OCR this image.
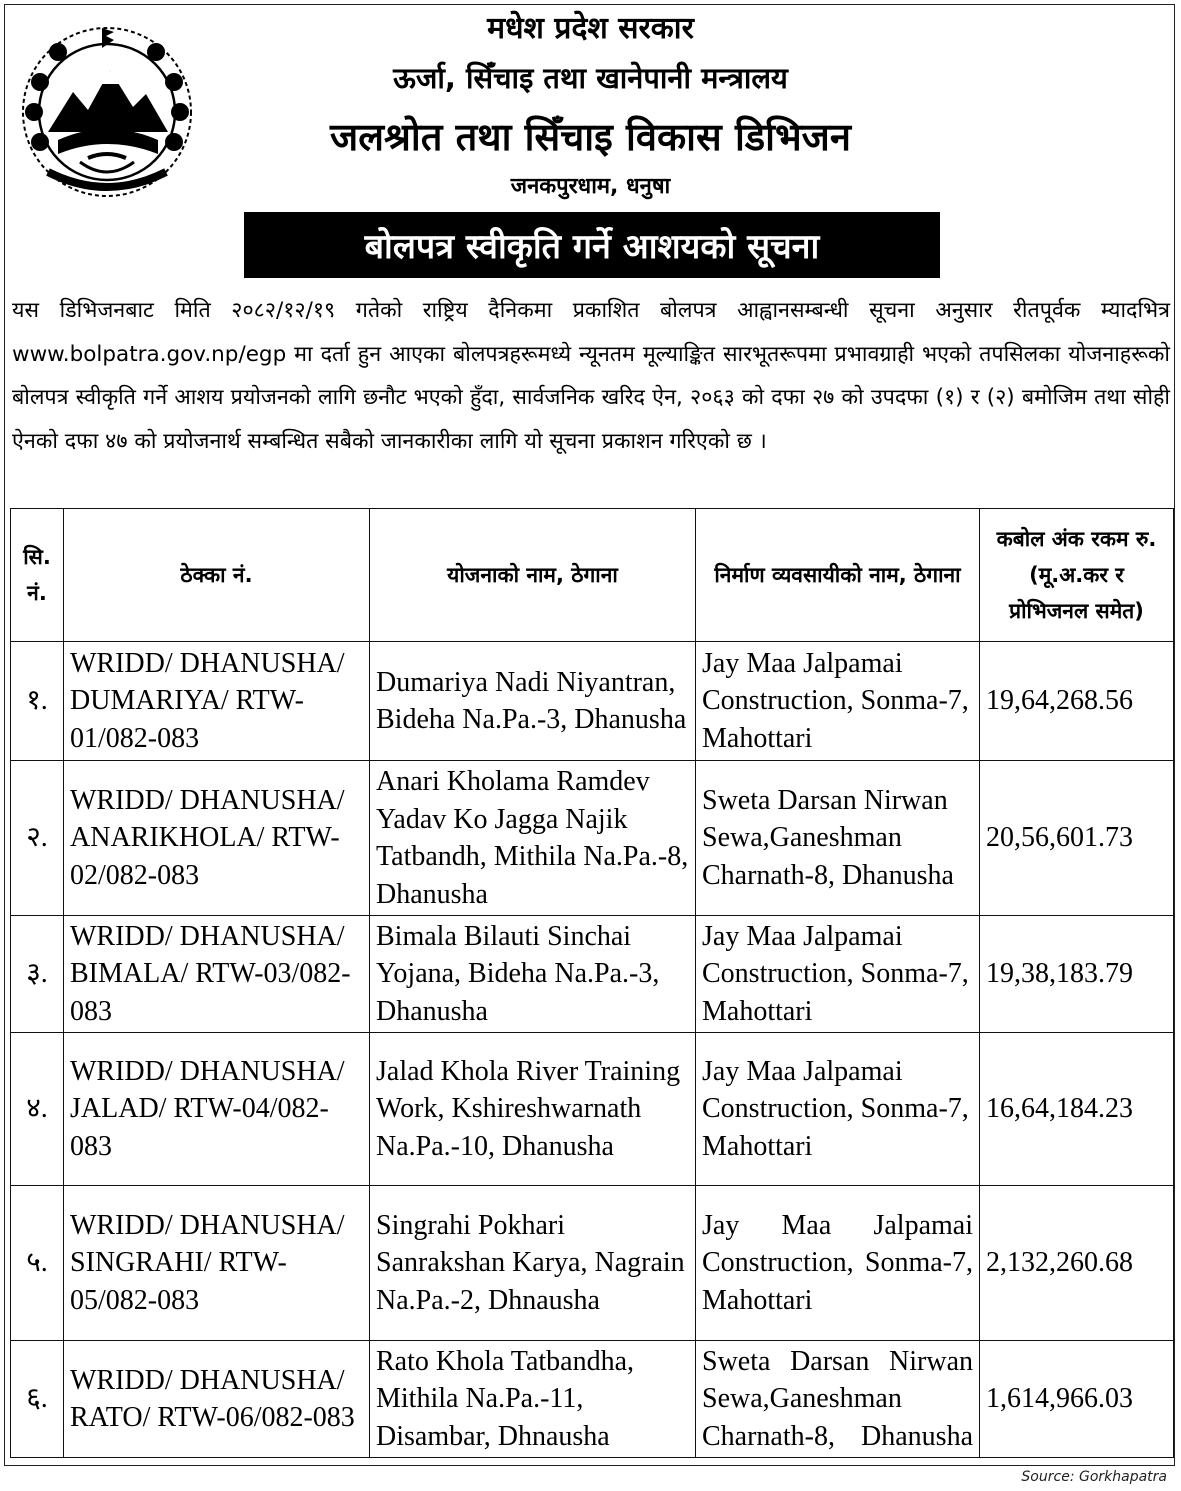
मधेश प्रदेश सरकार
ऊर्जा, सिँचाइ तथा खानेपानी मन्त्रालय
जलश्रोत तथा सिँचाइ विकास डिभिजन
जनकपुरधाम, धनुषा
बोलपत्र स्वीकृति गर्ने आशयको सूचना
यस डिभिजनबाट मिति २०८२/१२/१९ गतेको राष्ट्रिय दैनिकमा प्रकाशित बोलपत्र आह्वानसम्बन्धी सूचना अनुसार रीतपूर्वक म्यादभित्र www.bolpatra.gov.np/egp मा दर्ता हुन आएका बोलपत्रहरूमध्ये न्यूनतम मूल्याङ्कित सारभूतरूपमा प्रभावग्राही भएको तपसिलका योजनाहरूको बोलपत्र स्वीकृति गर्ने आशय प्रयोजनको लागि छनौट भएको हुँदा, सार्वजनिक खरिद ऐन, २०६३ को दफा २७ को उपदफा (१) र (२) बमोजिम तथा सोही ऐनको दफा ४७ को प्रयोजनार्थ सम्बन्धित सबैको जानकारीका लागि यो सूचना प्रकाशन गरिएको छ ।
सि. नं.	ठेक्का नं.	योजनाको नाम, ठेगाना	निर्माण व्यवसायीको नाम, ठेगाना	कबोल अंक रकम रु. (मू.अ.कर र प्रोभिजनल समेत)
१.	WRIDD/ DHANUSHA/ DUMARIYA/ RTW-01/082-083	Dumariya Nadi Niyantran, Bideha Na.Pa.-3, Dhanusha	Jay Maa Jalpamai Construction, Sonma-7, Mahottari	19,64,268.56
२.	WRIDD/ DHANUSHA/ ANARIKHOLA/ RTW-02/082-083	Anari Kholama Ramdev Yadav Ko Jagga Najik Tatbandh, Mithila Na.Pa.-8, Dhanusha	Sweta Darsan Nirwan Sewa,Ganeshman Charnath-8, Dhanusha	20,56,601.73
३.	WRIDD/ DHANUSHA/ BIMALA/ RTW-03/082-083	Bimala Bilauti Sinchai Yojana, Bideha Na.Pa.-3, Dhanusha	Jay Maa Jalpamai Construction, Sonma-7, Mahottari	19,38,183.79
४.	WRIDD/ DHANUSHA/ JALAD/ RTW-04/082-083	Jalad Khola River Training Work, Kshireshwarnath Na.Pa.-10, Dhanusha	Jay Maa Jalpamai Construction, Sonma-7, Mahottari	16,64,184.23
५.	WRIDD/ DHANUSHA/ SINGRAHI/ RTW-05/082-083	Singrahi Pokhari Sanrakshan Karya, Nagrain Na.Pa.-2, Dhnausha	Jay Maa Jalpamai Construction, Sonma-7, Mahottari	2,132,260.68
६.	WRIDD/ DHANUSHA/ RATO/ RTW-06/082-083	Rato Khola Tatbandha, Mithila Na.Pa.-11, Disambar, Dhnausha	Sweta Darsan Nirwan Sewa,Ganeshman Charnath-8, Dhanusha	1,614,966.03
Source: Gorkhapatra
